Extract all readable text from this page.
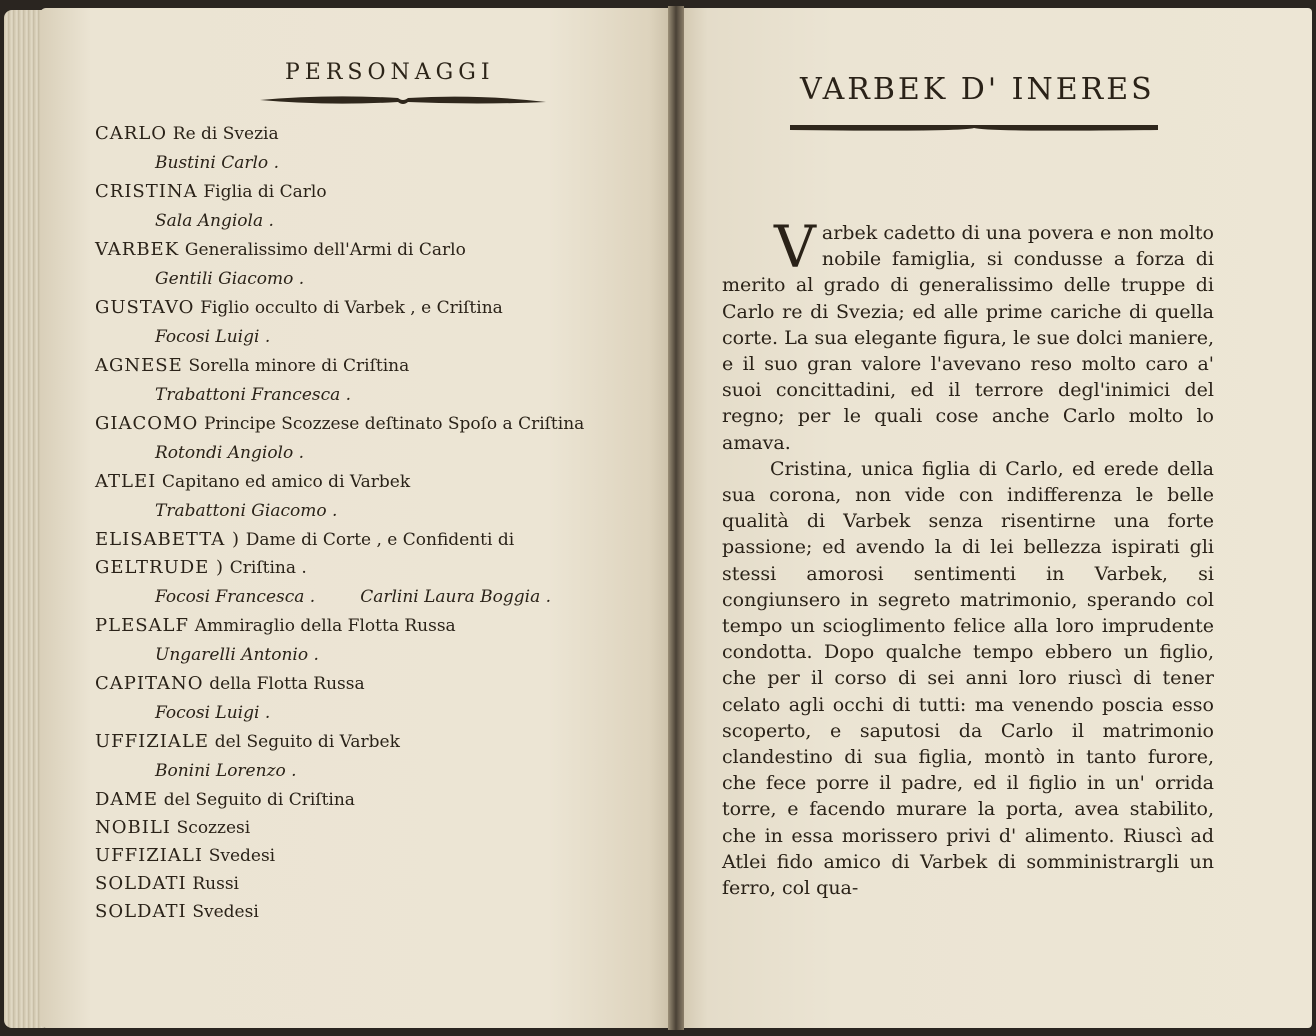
PERSONAGGI
CARLO Re di Svezia
Bustini Carlo .
CRISTINA Figlia di Carlo
Sala Angiola .
VARBEK Generalissimo dell'Armi di Carlo
Gentili Giacomo .
GUSTAVO Figlio occulto di Varbek , e Criſtina
Focosi Luigi .
AGNESE Sorella minore di Criſtina
Trabattoni Francesca .
GIACOMO Principe Scozzese deſtinato Spoſo a Criſtina
Rotondi Angiolo .
ATLEI Capitano ed amico di Varbek
Trabattoni Giacomo .
ELISABETTA ) Dame di Corte , e Confidenti di
GELTRUDE ) Criſtina .
Focosi Francesca .	Carlini Laura Boggia .
PLESALF Ammiraglio della Flotta Russa
Ungarelli Antonio .
CAPITANO della Flotta Russa
Focosi Luigi .
UFFIZIALE del Seguito di Varbek
Bonini Lorenzo .
DAME del Seguito di Criſtina
NOBILI Scozzesi
UFFIZIALI Svedesi
SOLDATI Russi
SOLDATI Svedesi
VARBEK D' INERES

Varbek cadetto di una povera e non molto nobile famiglia, si condusse a forza di merito al grado di generalissimo delle truppe di Carlo re di Svezia; ed alle prime cariche di quella corte. La sua elegante figura, le sue dolci maniere, e il suo gran valore l'avevano reso molto caro a' suoi concittadini, ed il terrore degl'inimici del regno; per le quali cose anche Carlo molto lo amava.

Cristina, unica figlia di Carlo, ed erede della sua corona, non vide con indifferenza le belle qualità di Varbek senza risentirne una forte passione; ed avendo la di lei bellezza ispirati gli stessi amorosi sentimenti in Varbek, si congiunsero in segreto matrimonio, sperando col tempo un scioglimento felice alla loro imprudente condotta. Dopo qualche tempo ebbero un figlio, che per il corso di sei anni loro riuscì di tener celato agli occhi di tutti: ma venendo poscia esso scoperto, e saputosi da Carlo il matrimonio clandestino di sua figlia, montò in tanto furore, che fece porre il padre, ed il figlio in un' orrida torre, e facendo murare la porta, avea stabilito, che in essa morissero privi d' alimento. Riuscì ad Atlei fido amico di Varbek di somministrargli un ferro, col qua-
